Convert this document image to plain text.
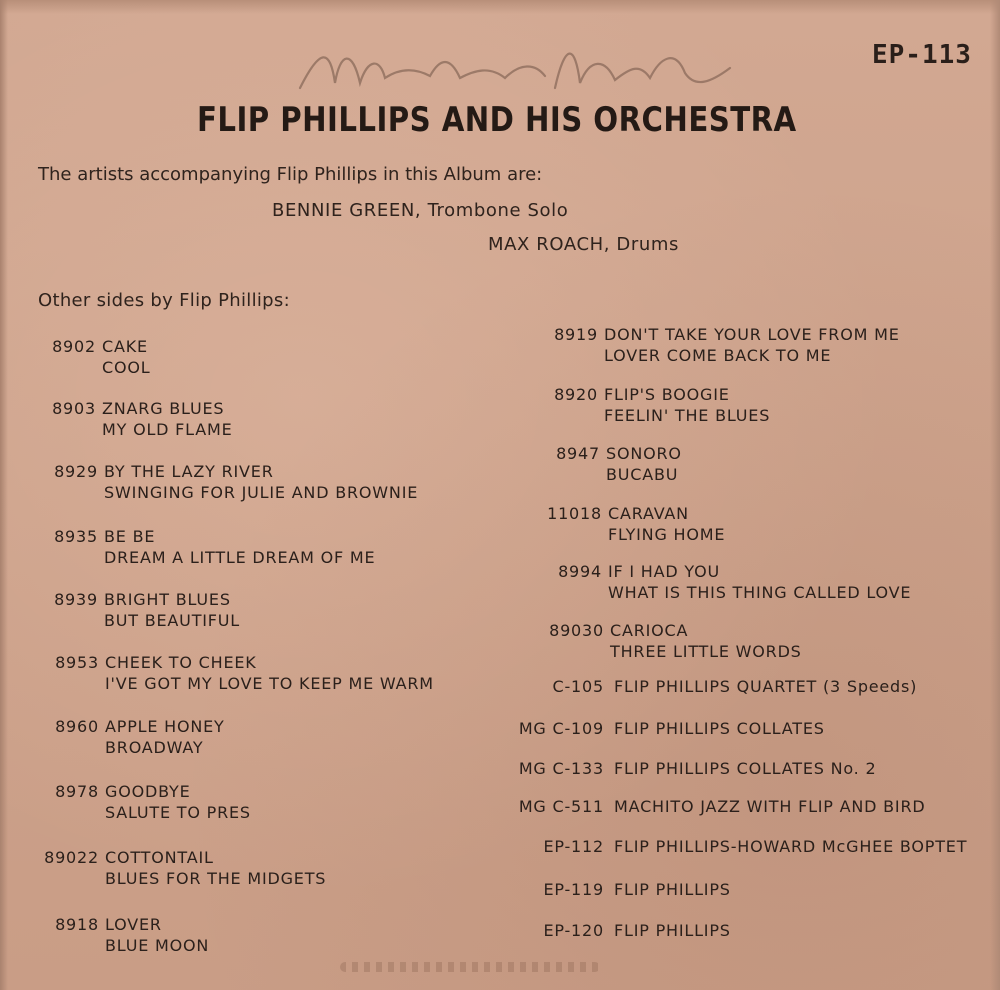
EP-113
FLIP PHILLIPS AND HIS ORCHESTRA
The artists accompanying Flip Phillips in this Album are:
BENNIE GREEN, Trombone Solo
MAX ROACH, Drums
Other sides by Flip Phillips:
8902 CAKE
COOL
8903 ZNARG BLUES
MY OLD FLAME
8929 BY THE LAZY RIVER
SWINGING FOR JULIE AND BROWNIE
8935 BE BE
DREAM A LITTLE DREAM OF ME
8939 BRIGHT BLUES
BUT BEAUTIFUL
8953 CHEEK TO CHEEK
I'VE GOT MY LOVE TO KEEP ME WARM
8960 APPLE HONEY
BROADWAY
8978 GOODBYE
SALUTE TO PRES
89022 COTTONTAIL
BLUES FOR THE MIDGETS
8918 LOVER
BLUE MOON
8919 DON'T TAKE YOUR LOVE FROM ME
LOVER COME BACK TO ME
8920 FLIP'S BOOGIE
FEELIN' THE BLUES
8947 SONORO
BUCABU
11018 CARAVAN
FLYING HOME
8994 IF I HAD YOU
WHAT IS THIS THING CALLED LOVE
89030 CARIOCA
THREE LITTLE WORDS
C-105 FLIP PHILLIPS QUARTET (3 Speeds)
MG C-109 FLIP PHILLIPS COLLATES
MG C-133 FLIP PHILLIPS COLLATES No. 2
MG C-511 MACHITO JAZZ WITH FLIP AND BIRD
EP-112 FLIP PHILLIPS-HOWARD McGHEE BOPTET
EP-119 FLIP PHILLIPS
EP-120 FLIP PHILLIPS
